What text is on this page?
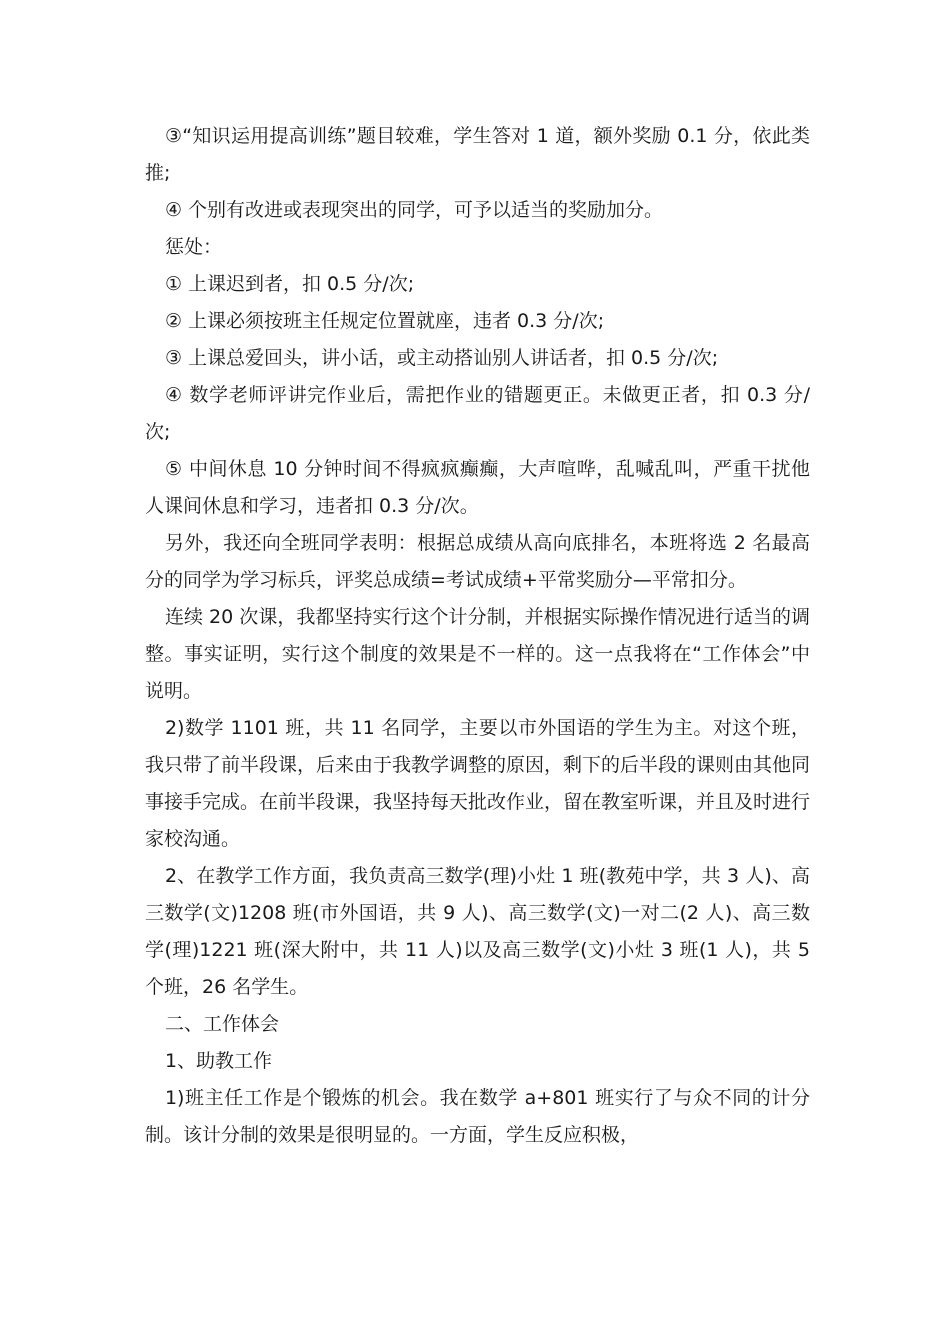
③“知识运用提高训练”题目较难，学生答对 1 道，额外奖励 0.1 分，依此类推;

④ 个别有改进或表现突出的同学，可予以适当的奖励加分。

惩处：

① 上课迟到者，扣 0.5 分/次;

② 上课必须按班主任规定位置就座，违者 0.3 分/次;

③ 上课总爱回头，讲小话，或主动搭讪别人讲话者，扣 0.5 分/次;

④ 数学老师评讲完作业后，需把作业的错题更正。未做更正者，扣 0.3 分/次;

⑤ 中间休息 10 分钟时间不得疯疯癫癫，大声喧哗，乱喊乱叫，严重干扰他人课间休息和学习，违者扣 0.3 分/次。

另外，我还向全班同学表明：根据总成绩从高向底排名，本班将选 2 名最高分的同学为学习标兵，评奖总成绩=考试成绩+平常奖励分—平常扣分。

连续 20 次课，我都坚持实行这个计分制，并根据实际操作情况进行适当的调整。事实证明，实行这个制度的效果是不一样的。这一点我将在“工作体会”中说明。

2)数学 1101 班，共 11 名同学，主要以市外国语的学生为主。对这个班，我只带了前半段课，后来由于我教学调整的原因，剩下的后半段的课则由其他同事接手完成。在前半段课，我坚持每天批改作业，留在教室听课，并且及时进行家校沟通。

2、在教学工作方面，我负责高三数学(理)小灶 1 班(教苑中学，共 3 人)、高三数学(文)1208 班(市外国语，共 9 人)、高三数学(文)一对二(2 人)、高三数学(理)1221 班(深大附中，共 11 人)以及高三数学(文)小灶 3 班(1 人)，共 5 个班，26 名学生。

二、工作体会

1、助教工作

1)班主任工作是个锻炼的机会。我在数学 a+801 班实行了与众不同的计分制。该计分制的效果是很明显的。一方面，学生反应积极，
